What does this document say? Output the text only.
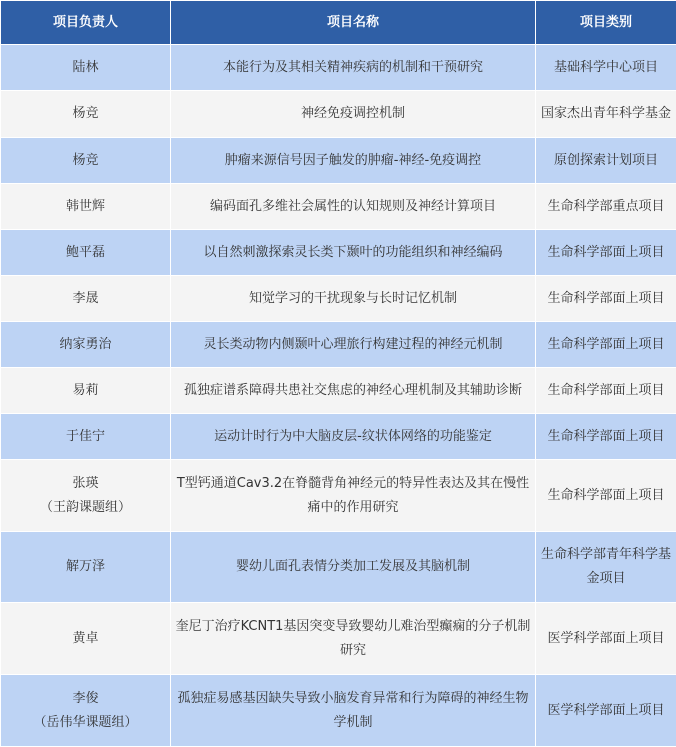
项目负责人	项目名称	项目类别
陆林	本能行为及其相关精神疾病的机制和干预研究	基础科学中心项目
杨竞	神经免疫调控机制	国家杰出青年科学基金
杨竞	肿瘤来源信号因子触发的肿瘤-神经-免疫调控	原创探索计划项目
韩世辉	编码面孔多维社会属性的认知规则及神经计算项目	生命科学部重点项目
鲍平磊	以自然刺激探索灵长类下颞叶的功能组织和神经编码	生命科学部面上项目
李晟	知觉学习的干扰现象与长时记忆机制	生命科学部面上项目
纳家勇治	灵长类动物内侧颞叶心理旅行构建过程的神经元机制	生命科学部面上项目
易莉	孤独症谱系障碍共患社交焦虑的神经心理机制及其辅助诊断	生命科学部面上项目
于佳宁	运动计时行为中大脑皮层-纹状体网络的功能鉴定	生命科学部面上项目

张瑛
（王韵课题组）	T型钙通道Cav3.2在脊髓背角神经元的特异性表达及其在慢性痛中的作用研究	生命科学部面上项目
解万泽	婴幼儿面孔表情分类加工发展及其脑机制	生命科学部青年科学基金项目
黄卓	奎尼丁治疗KCNT1基因突变导致婴幼儿难治型癫痫的分子机制研究	医学科学部面上项目

李俊
（岳伟华课题组）	孤独症易感基因缺失导致小脑发育异常和行为障碍的神经生物学机制	医学科学部面上项目
